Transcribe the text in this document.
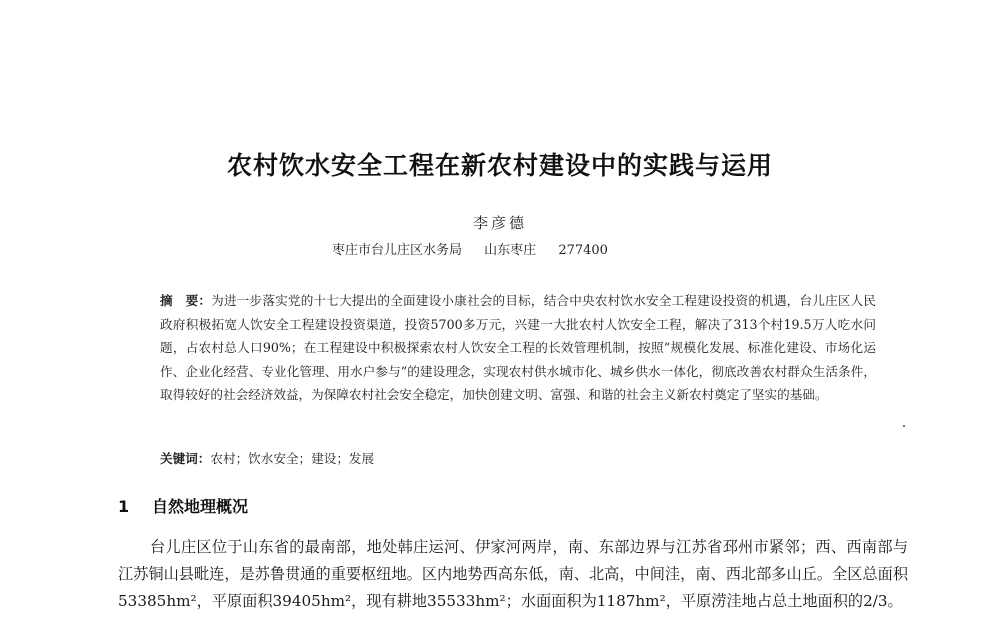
农村饮水安全工程在新农村建设中的实践与运用
李彦德
枣庄市台儿庄区水务局 山东枣庄 277400
摘　要：为进一步落实党的十七大提出的全面建设小康社会的目标，结合中央农村饮水安全工程建设投资的机遇，台儿庄区人民政府积极拓宽人饮安全工程建设投资渠道，投资5700多万元，兴建一大批农村人饮安全工程，解决了313个村19.5万人吃水问题，占农村总人口90%；在工程建设中积极探索农村人饮安全工程的长效管理机制，按照“规模化发展、标准化建设、市场化运作、企业化经营、专业化管理、用水户参与”的建设理念，实现农村供水城市化、城乡供水一体化，彻底改善农村群众生活条件，取得较好的社会经济效益，为保障农村社会安全稳定，加快创建文明、富强、和谐的社会主义新农村奠定了坚实的基础。
关键词：农村；饮水安全；建设；发展
1 自然地理概况
台儿庄区位于山东省的最南部，地处韩庄运河、伊家河两岸，南、东部边界与江苏省邳州市紧邻；西、西南部与江苏铜山县毗连，是苏鲁贯通的重要枢纽地。区内地势西高东低，南、北高，中间洼，南、西北部多山丘。全区总面积53385hm²，平原面积39405hm²，现有耕地35533hm²；水面面积为1187hm²，平原涝洼地占总土地面积的2/3。
